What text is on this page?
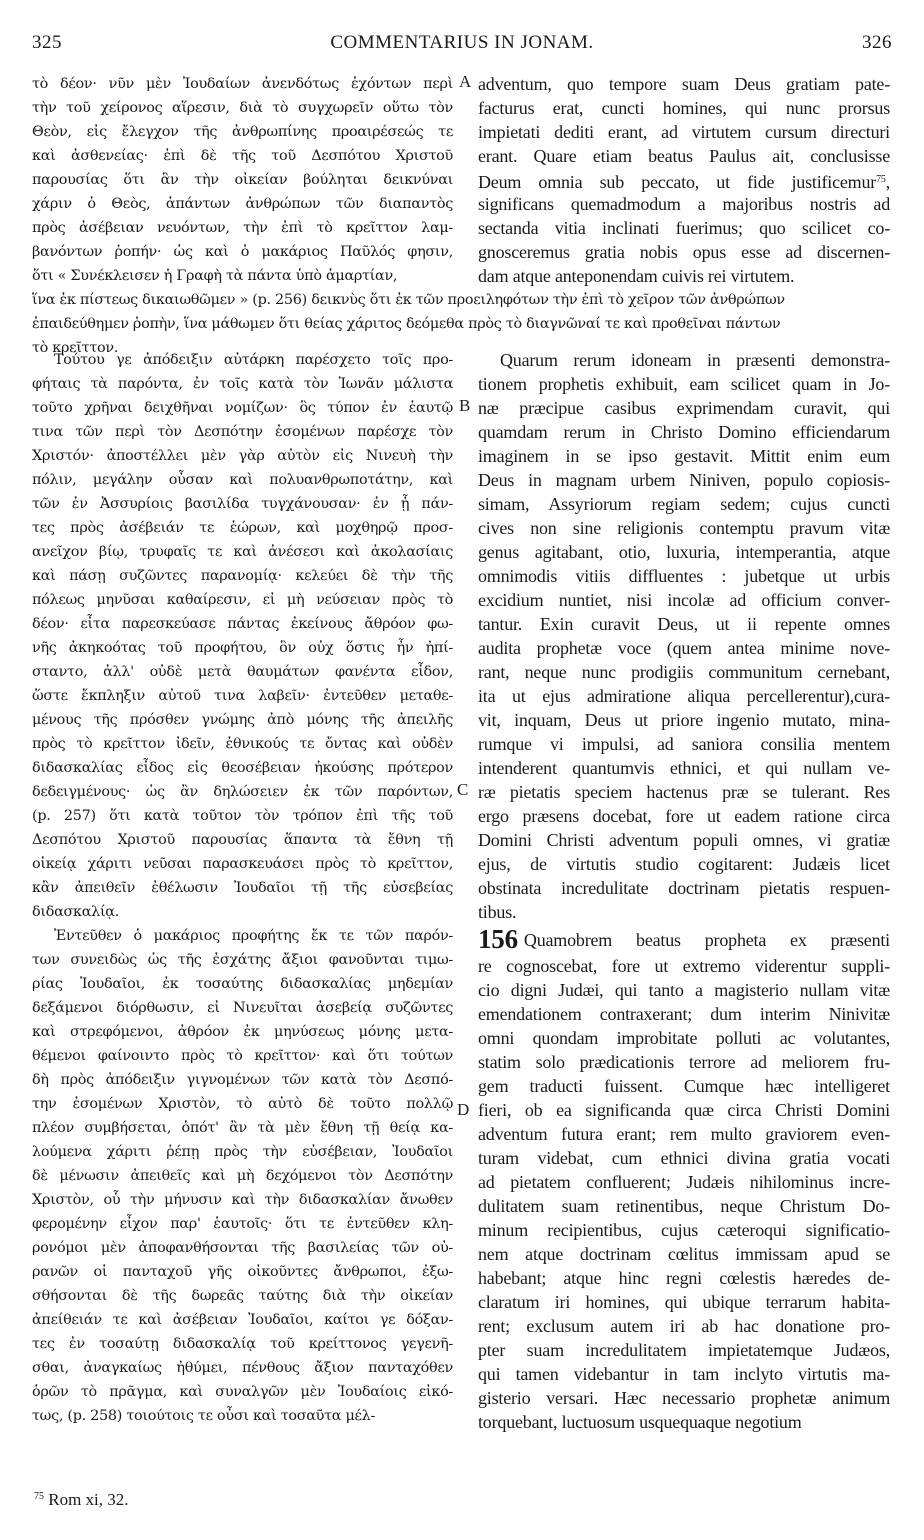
325	COMMENTARIUS IN JONAM.	326
A
B
C
D
τὸ δέον· νῦν μὲν Ἰουδαίων ἀνενδότως ἐχόντων περὶ
τὴν τοῦ χείρονος αἵρεσιν, διὰ τὸ συγχωρεῖν οὕτω τὸν
Θεὸν, εἰς ἔλεγχον τῆς ἀνθρωπίνης προαιρέσεώς τε
καὶ ἀσθενείας· ἐπὶ δὲ τῆς τοῦ Δεσπότου Χριστοῦ
παρουσίας ὅτι ἂν τὴν οἰκείαν βούληται δεικνύναι
χάριν ὁ Θεὸς, ἁπάντων ἀνθρώπων τῶν διαπαντὸς
πρὸς ἀσέβειαν νευόντων, τὴν ἐπὶ τὸ κρεῖττον λαμ-
βανόντων ῥοπήν· ὡς καὶ ὁ μακάριος Παῦλός φησιν,
ὅτι « Συνέκλεισεν ἡ Γραφὴ τὰ πάντα ὑπὸ ἁμαρτίαν,
adventum, quo tempore suam Deus gratiam pate-
facturus erat, cuncti homines, qui nunc prorsus
impietati dediti erant, ad virtutem cursum directuri
erant. Quare etiam beatus Paulus ait, conclusisse
Deum omnia sub peccato, ut fide justificemur$^{75}$,
significans quemadmodum a majoribus nostris ad
sectanda vitia inclinati fuerimus; quo scilicet co-
gnosceremus gratia nobis opus esse ad discernen-
dam atque anteponendam cuivis rei virtutem.
ἵνα ἐκ πίστεως δικαιωθῶμεν » (p. 256) δεικνὺς ὅτι ἐκ τῶν προειληφότων τὴν ἐπὶ τὸ χεῖρον τῶν ἀνθρώπων
ἐπαιδεύθημεν ῥοπὴν, ἵνα μάθωμεν ὅτι θείας χάριτος δεόμεθα πρὸς τὸ διαγνῶναί τε καὶ προθεῖναι πάντων
τὸ κρεῖττον.
Τούτου γε ἀπόδειξιν αὐτάρκη παρέσχετο τοῖς προ-
φήταις τὰ παρόντα, ἐν τοῖς κατὰ τὸν Ἰωνᾶν μάλιστα
τοῦτο χρῆναι δειχθῆναι νομίζων· ὃς τύπον ἐν ἑαυτῷ
τινα τῶν περὶ τὸν Δεσπότην ἐσομένων παρέσχε τὸν
Χριστόν· ἀποστέλλει μὲν γὰρ αὐτὸν εἰς Νινευὴ τὴν
πόλιν, μεγάλην οὖσαν καὶ πολυανθρωποτάτην, καὶ
τῶν ἐν Ἀσσυρίοις βασιλίδα τυγχάνουσαν· ἐν ᾗ πάν-
τες πρὸς ἀσέβειάν τε ἑώρων, καὶ μοχθηρῷ προσ-
ανεῖχον βίῳ, τρυφαῖς τε καὶ ἀνέσεσι καὶ ἀκολασίαις
καὶ πάσῃ συζῶντες παρανομίᾳ· κελεύει δὲ τὴν τῆς
πόλεως μηνῦσαι καθαίρεσιν, εἰ μὴ νεύσειαν πρὸς τὸ
δέον· εἶτα παρεσκεύασε πάντας ἐκείνους ἄθρόον φω-
νῆς ἀκηκοότας τοῦ προφήτου, ὃν οὐχ ὅστις ἦν ἠπί-
σταντο, ἀλλ' οὐδὲ μετὰ θαυμάτων φανέντα εἶδον,
ὥστε ἔκπληξιν αὐτοῦ τινα λαβεῖν· ἐντεῦθεν μεταθε-
μένους τῆς πρόσθεν γνώμης ἀπὸ μόνης τῆς ἀπειλῆς
πρὸς τὸ κρεῖττον ἰδεῖν, ἐθνικούς τε ὄντας καὶ οὐδὲν
διδασκαλίας εἶδος εἰς θεοσέβειαν ἠκούσης πρότερον
δεδειγμένους· ὡς ἂν δηλώσειεν ἐκ τῶν παρόντων,
(p. 257) ὅτι κατὰ τοῦτον τὸν τρόπον ἐπὶ τῆς τοῦ
Δεσπότου Χριστοῦ παρουσίας ἅπαντα τὰ ἔθνη τῇ
οἰκείᾳ χάριτι νεῦσαι παρασκευάσει πρὸς τὸ κρεῖττον,
κἂν ἀπειθεῖν ἐθέλωσιν Ἰουδαῖοι τῇ τῆς εὐσεβείας
διδασκαλίᾳ.
Ἐντεῦθεν ὁ μακάριος προφήτης ἔκ τε τῶν παρόν-
των συνειδὼς ὡς τῆς ἐσχάτης ἄξιοι φανοῦνται τιμω-
ρίας Ἰουδαῖοι, ἐκ τοσαύτης διδασκαλίας μηδεμίαν
δεξάμενοι διόρθωσιν, εἰ Νινευῖται ἀσεβείᾳ συζῶντες
καὶ στρεφόμενοι, ἀθρόον ἐκ μηνύσεως μόνης μετα-
θέμενοι φαίνοιντο πρὸς τὸ κρεῖττον· καὶ ὅτι τούτων
δὴ πρὸς ἀπόδειξιν γιγνομένων τῶν κατὰ τὸν Δεσπό-
την ἐσομένων Χριστὸν, τὸ αὐτὸ δὲ τοῦτο πολλῷ
πλέον συμβήσεται, ὁπότ' ἂν τὰ μὲν ἔθνη τῇ θείᾳ κα-
λούμενα χάριτι ῥέπῃ πρὸς τὴν εὐσέβειαν, Ἰουδαῖοι
δὲ μένωσιν ἀπειθεῖς καὶ μὴ δεχόμενοι τὸν Δεσπότην
Χριστὸν, οὗ τὴν μήνυσιν καὶ τὴν διδασκαλίαν ἄνωθεν
φερομένην εἶχον παρ' ἑαυτοῖς· ὅτι τε ἐντεῦθεν κλη-
ρονόμοι μὲν ἀποφανθήσονται τῆς βασιλείας τῶν οὐ-
ρανῶν οἱ πανταχοῦ γῆς οἰκοῦντες ἄνθρωποι, ἐξω-
σθήσονται δὲ τῆς δωρεᾶς ταύτης διὰ τὴν οἰκείαν
ἀπείθειάν τε καὶ ἀσέβειαν Ἰουδαῖοι, καίτοι γε δόξαν-
τες ἐν τοσαύτῃ διδασκαλίᾳ τοῦ κρείττονος γεγενῆ-
σθαι, ἀναγκαίως ἠθύμει, πένθους ἄξιον πανταχόθεν
ὁρῶν τὸ πρᾶγμα, καὶ συναλγῶν μὲν Ἰουδαίοις εἰκό-
τως, (p. 258) τοιούτοις τε οὖσι καὶ τοσαῦτα μέλ-
Quarum rerum idoneam in præsenti demonstra-
tionem prophetis exhibuit, eam scilicet quam in Jo-
næ præcipue casibus exprimendam curavit, qui
quamdam rerum in Christo Domino efficiendarum
imaginem in se ipso gestavit. Mittit enim eum
Deus in magnam urbem Niniven, populo copiosis-
simam, Assyriorum regiam sedem; cujus cuncti
cives non sine religionis contemptu pravum vitæ
genus agitabant, otio, luxuria, intemperantia, atque
omnimodis vitiis diffluentes : jubetque ut urbis
excidium nuntiet, nisi incolæ ad officium conver-
tantur. Exin curavit Deus, ut ii repente omnes
audita prophetæ voce (quem antea minime nove-
rant, neque nunc prodigiis communitum cernebant,
ita ut ejus admiratione aliqua percellerentur),cura-
vit, inquam, Deus ut priore ingenio mutato, mina-
rumque vi impulsi, ad saniora consilia mentem
intenderent quantumvis ethnici, et qui nullam ve-
ræ pietatis speciem hactenus præ se tulerant. Res
ergo præsens docebat, fore ut eadem ratione circa
Domini Christi adventum populi omnes, vi gratiæ
ejus, de virtutis studio cogitarent: Judæis licet
obstinata incredulitate doctrinam pietatis respuen-
tibus.
156 Quamobrem beatus propheta ex præsenti
re cognoscebat, fore ut extremo viderentur suppli-
cio digni Judæi, qui tanto a magisterio nullam vitæ
emendationem contraxerant; dum interim Ninivitæ
omni quondam improbitate polluti ac volutantes,
statim solo prædicationis terrore ad meliorem fru-
gem traducti fuissent. Cumque hæc intelligeret
fieri, ob ea significanda quæ circa Christi Domini
adventum futura erant; rem multo graviorem even-
turam videbat, cum ethnici divina gratia vocati
ad pietatem confluerent; Judæis nihilominus incre-
dulitatem suam retinentibus, neque Christum Do-
minum recipientibus, cujus cæteroqui significatio-
nem atque doctrinam cœlitus immissam apud se
habebant; atque hinc regni cœlestis hæredes de-
claratum iri homines, qui ubique terrarum habita-
rent; exclusum autem iri ab hac donatione pro-
pter suam incredulitatem impietatemque Judæos,
qui tamen videbantur in tam inclyto virtutis ma-
gisterio versari. Hæc necessario prophetæ animum
torquebant, luctuosum usquequaque negotium
$^{75}$ Rom xi, 32.
